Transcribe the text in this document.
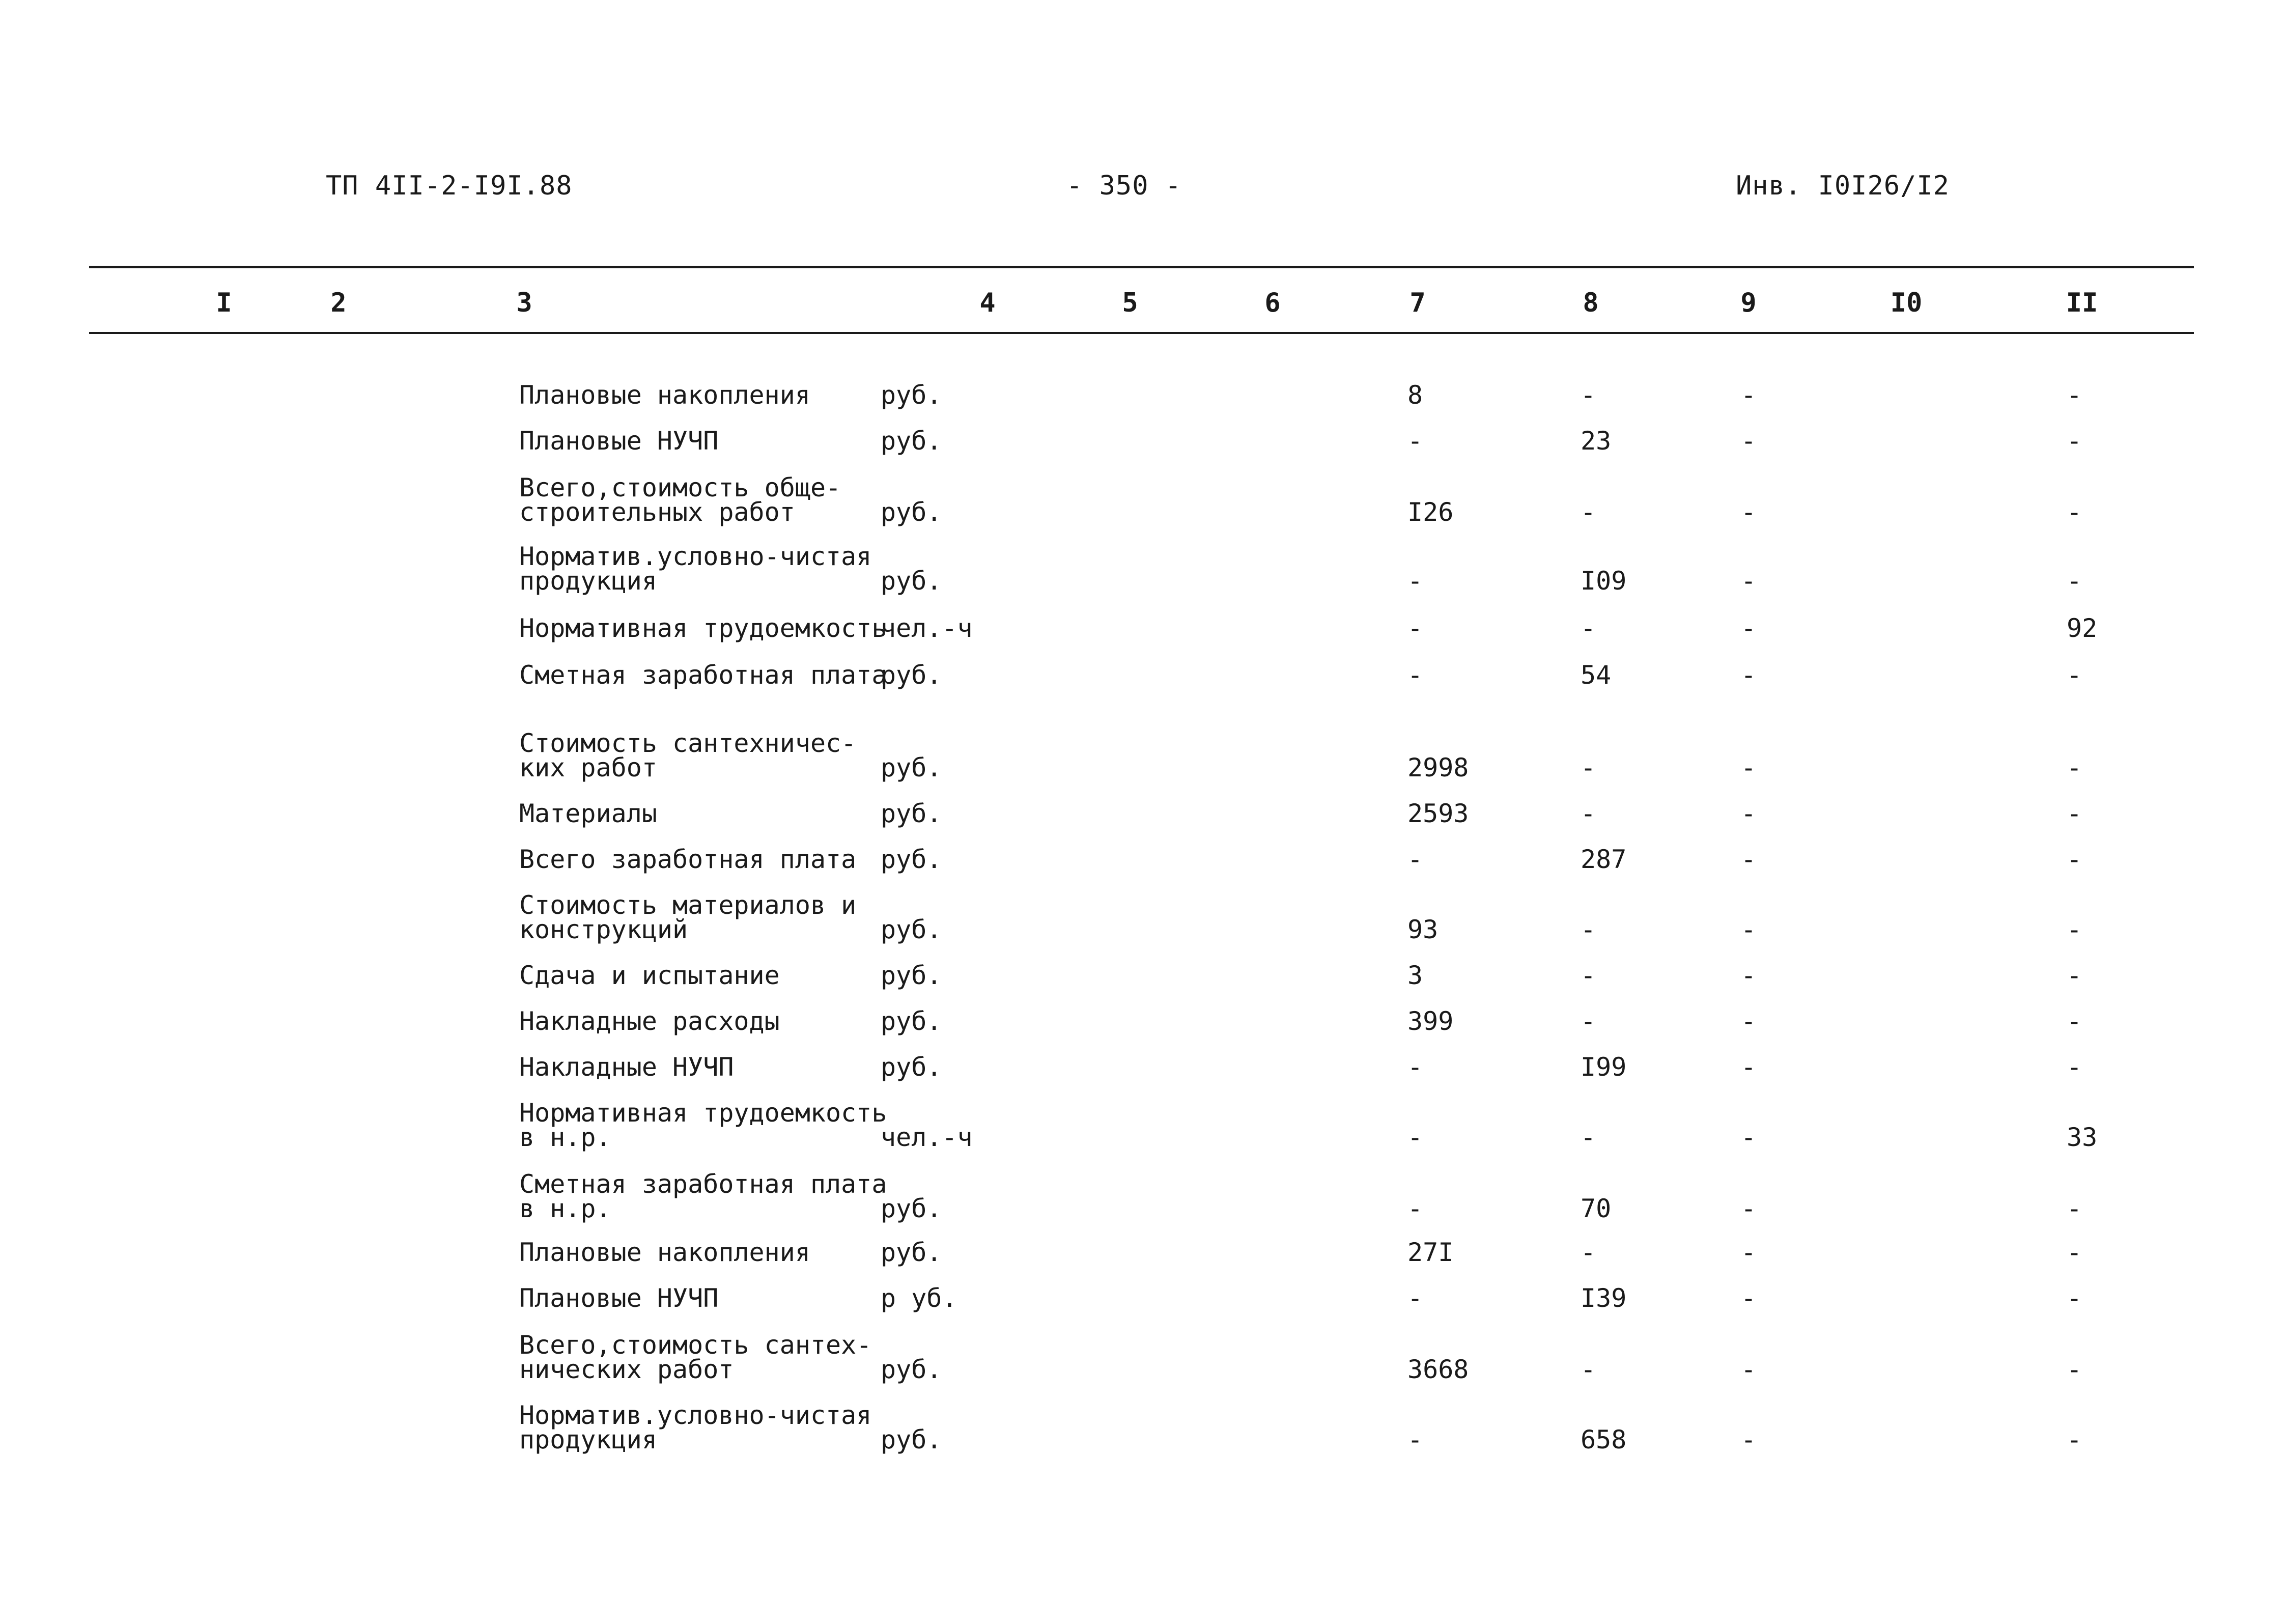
ТП 4II-2-I9I.88	- 350 -	Инв. I0I26/I2
I	2	3	4	5	6	7	8	9	I0	II
Плановые накопления	руб.	8	-	-	-
Плановые НУЧП	руб.	-	23	-	-
Всего,стоимость обще-
строительных работ	руб.	I26	-	-	-
Норматив.условно-чистая
продукция	руб.	-	I09	-	-
Нормативная трудоемкость
чел.-ч	-	-	-	92
Сметная заработная плата
руб.	-	54	-	-
Стоимость сантехничес-
ких работ	руб.	2998	-	-	-
Материалы	руб.	2593	-	-	-
Всего заработная плата руб.	-	287	-	-
Стоимость материалов и
конструкций	руб.	93	-	-	-
Сдача и испытание	руб.	3	-	-	-
Накладные расходы	руб.	399	-	-	-
Накладные НУЧП	руб.	-	I99	-	-
Нормативная трудоемкость
в н.р.	чел.-ч	-	-	-	33
Сметная заработная плата
в н.р.	руб.	-	70	-	-
Плановые накопления	руб.	27I	-	-	-
Плановые НУЧП	р уб.	-	I39	-	-
Всего,стоимость сантех-
нических работ	руб.	3668	-	-	-
Норматив.условно-чистая
продукция	руб.	-	658	-	-
